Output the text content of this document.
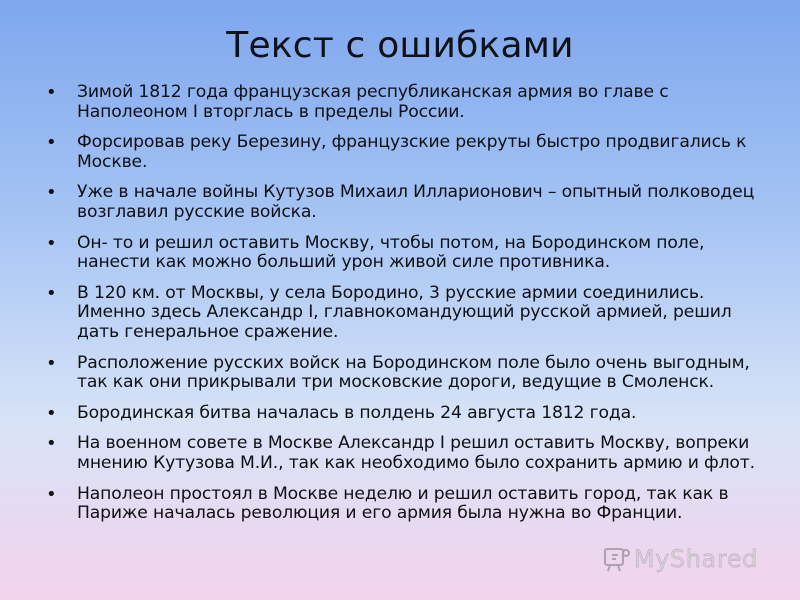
Текст с ошибками
• Зимой 1812 года французская республиканская армия во главе с Наполеоном I вторглась в пределы России.
• Форсировав реку Березину, французские рекруты быстро продвигались к Москве.
• Уже в начале войны Кутузов Михаил Илларионович – опытный полководец возглавил русские войска.
• Он- то и решил оставить Москву, чтобы потом, на Бородинском поле, нанести как можно больший урон живой силе противника.
• В 120 км. от Москвы, у села Бородино, 3 русские армии соединились. Именно здесь Александр I, главнокомандующий русской армией, решил дать генеральное сражение.
• Расположение русских войск на Бородинском поле было очень выгодным, так как они прикрывали три московские дороги, ведущие в Смоленск.
• Бородинская битва началась в полдень 24 августа 1812 года.
• На военном совете в Москве Александр I решил оставить Москву, вопреки мнению Кутузова М.И., так как необходимо было сохранить армию и флот.
• Наполеон простоял в Москве неделю и решил оставить город, так как в Париже началась революция и его армия была нужна во Франции.
MyShared
